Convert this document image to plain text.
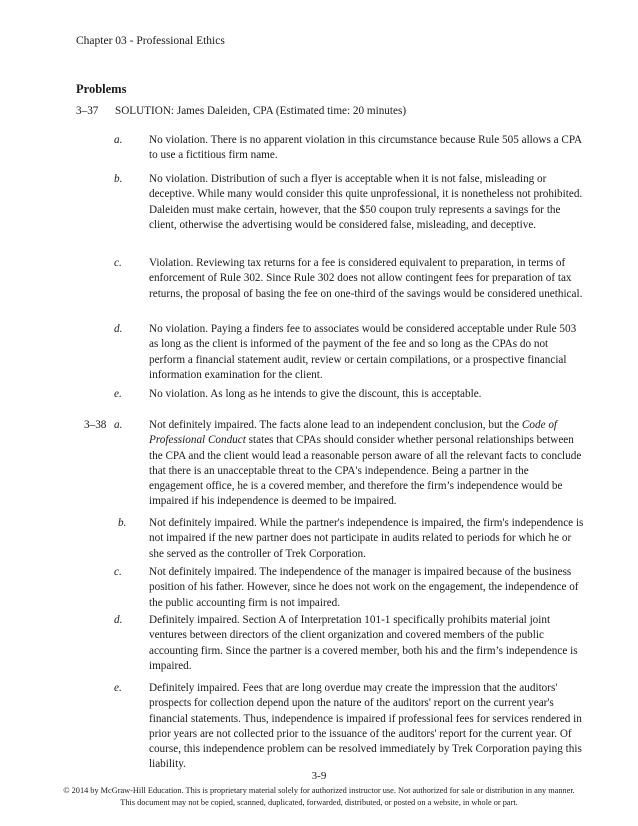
Chapter 03 - Professional Ethics
Problems
3–37 SOLUTION: James Daleiden, CPA (Estimated time: 20 minutes)
a. No violation. There is no apparent violation in this circumstance because Rule 505 allows a CPA to use a fictitious firm name.

b. No violation. Distribution of such a flyer is acceptable when it is not false, misleading or deceptive. While many would consider this quite unprofessional, it is nonetheless not prohibited. Daleiden must make certain, however, that the $50 coupon truly represents a savings for the client, otherwise the advertising would be considered false, misleading, and deceptive.

c. Violation. Reviewing tax returns for a fee is considered equivalent to preparation, in terms of enforcement of Rule 302. Since Rule 302 does not allow contingent fees for preparation of tax returns, the proposal of basing the fee on one-third of the savings would be considered unethical.

d. No violation. Paying a finders fee to associates would be considered acceptable under Rule 503 as long as the client is informed of the payment of the fee and so long as the CPAs do not perform a financial statement audit, review or certain compilations, or a prospective financial information examination for the client.

e. No violation. As long as he intends to give the discount, this is acceptable.

3–38 a. Not definitely impaired. The facts alone lead to an independent conclusion, but the Code of Professional Conduct states that CPAs should consider whether personal relationships between the CPA and the client would lead a reasonable person aware of all the relevant facts to conclude that there is an unacceptable threat to the CPA's independence. Being a partner in the engagement office, he is a covered member, and therefore the firm’s independence would be impaired if his independence is deemed to be impaired.

b. Not definitely impaired. While the partner's independence is impaired, the firm's independence is not impaired if the new partner does not participate in audits related to periods for which he or she served as the controller of Trek Corporation.

c. Not definitely impaired. The independence of the manager is impaired because of the business position of his father. However, since he does not work on the engagement, the independence of the public accounting firm is not impaired.

d. Definitely impaired. Section A of Interpretation 101-1 specifically prohibits material joint ventures between directors of the client organization and covered members of the public accounting firm. Since the partner is a covered member, both his and the firm’s independence is impaired.

e. Definitely impaired. Fees that are long overdue may create the impression that the auditors' prospects for collection depend upon the nature of the auditors' report on the current year's financial statements. Thus, independence is impaired if professional fees for services rendered in prior years are not collected prior to the issuance of the auditors' report for the current year. Of course, this independence problem can be resolved immediately by Trek Corporation paying this liability.

3-9
© 2014 by McGraw-Hill Education. This is proprietary material solely for authorized instructor use. Not authorized for sale or distribution in any manner.
This document may not be copied, scanned, duplicated, forwarded, distributed, or posted on a website, in whole or part.
